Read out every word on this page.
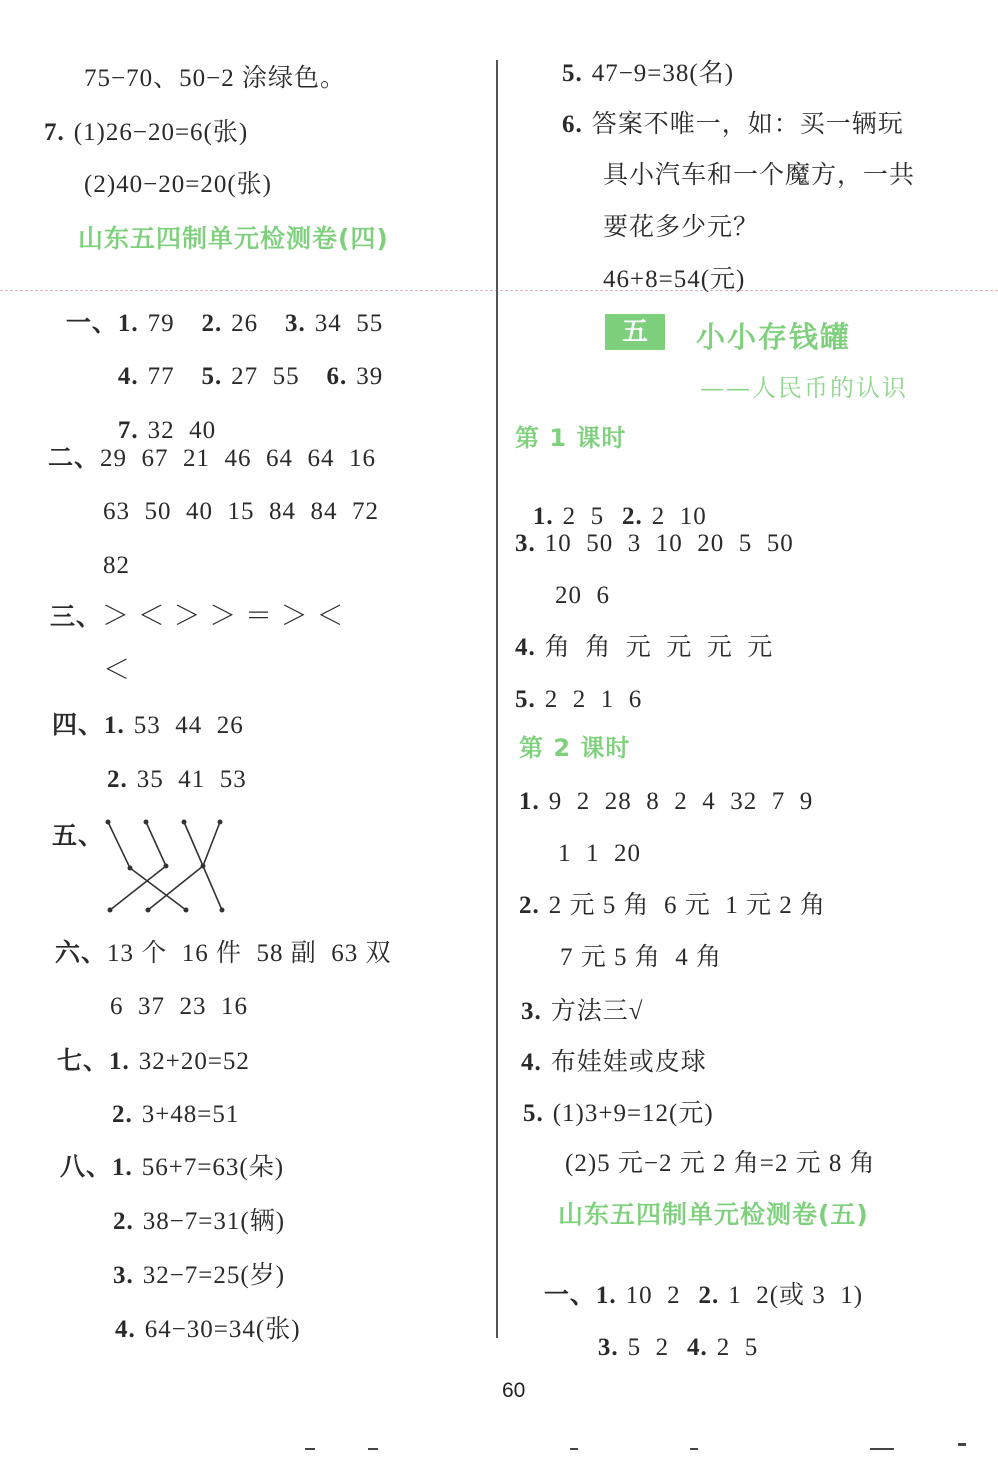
75−70、50−2 涂绿色。
7. (1)26−20=6(张)
(2)40−20=20(张)
山东五四制单元检测卷(四)

一、1. 79 2. 26 3. 34  55

4. 77 5. 27  55 6. 39

7. 32  40

二、29  67  21  46  64  64  16
63  50  40  15  84  84  72
82
三、＞ ＜ ＞ ＞ ＝ ＞ ＜
＜
四、1. 53  44  26
2. 35  41  53
五、
六、13 个  16 件  58 副  63 双
6  37  23  16
七、1. 32+20=52
2. 3+48=51
八、1. 56+7=63(朵)
2. 38−7=31(辆)
3. 32−7=25(岁)
4. 64−30=34(张)
5. 47−9=38(名)
6. 答案不唯一，如：买一辆玩
具小汽车和一个魔方，一共
要花多少元？
46+8=54(元)
五	小小存钱罐
——人民币的认识
第 1 课时

1. 2  5 2. 2  10

3. 10  50  3  10  20  5  50
20  6
4. 角  角  元  元  元  元
5. 2  2  1  6
第 2 课时
1. 9  2  28  8  2  4  32  7  9
1  1  20
2. 2 元 5 角  6 元  1 元 2 角
7 元 5 角  4 角
3. 方法三√
4. 布娃娃或皮球
5. (1)3+9=12(元)
(2)5 元−2 元 2 角=2 元 8 角
山东五四制单元检测卷(五)

一、1. 10  2 2. 1  2(或 3  1)

3. 5  2 4. 2  5

60
